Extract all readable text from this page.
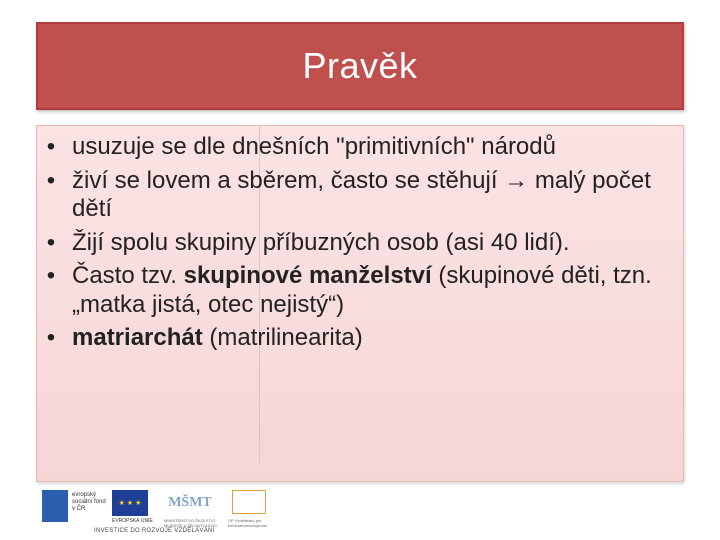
Pravěk
• usuzuje se dle dnešních "primitivních" národů
• živí se lovem a sběrem, často se stěhují → malý počet dětí
• Žijí spolu skupiny příbuzných osob (asi 40 lidí).
• Často tzv. skupinové manželství (skupinové děti, tzn. „matka jistá, otec nejistý“)
• matriarchát (matrilinearita)
evropský sociální fond v ČR
★ ★ ★
EVROPSKÁ UNIE
MŠMT
MINISTERSTVO ŠKOLSTVÍ, MLÁDEŽE A TĚLOVÝCHOVY
OP Vzdělávání pro konkurenceschopnost
INVESTICE DO ROZVOJE VZDĚLÁVÁNÍ
